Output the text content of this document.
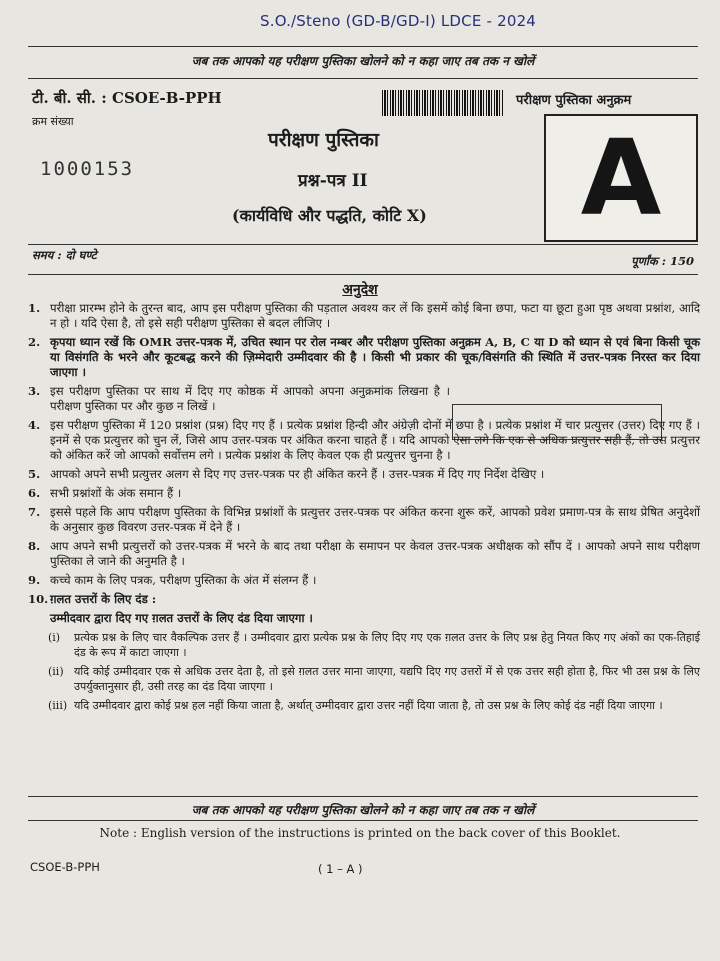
S.O./Steno (GD-B/GD-I) LDCE - 2024
जब तक आपको यह परीक्षण पुस्तिका खोलने को न कहा जाए तब तक न खोलें
टी. बी. सी. : CSOE-B-PPH	परीक्षण पुस्तिका अनुक्रम
क्रम संख्या
1000153
परीक्षण पुस्तिका
प्रश्न-पत्र II
(कार्यविधि और पद्धति, कोटि X) A
समय : दो घण्टे	पूर्णांक : 150
अनुदेश
1. परीक्षा प्रारम्भ होने के तुरन्त बाद, आप इस परीक्षण पुस्तिका की पड़ताल अवश्य कर लें कि इसमें कोई बिना छपा, फटा या छूटा हुआ पृष्ठ अथवा प्रश्नांश, आदि न हो । यदि ऐसा है, तो इसे सही परीक्षण पुस्तिका से बदल लीजिए ।
2. कृपया ध्यान रखें कि OMR उत्तर-पत्रक में, उचित स्थान पर रोल नम्बर और परीक्षण पुस्तिका अनुक्रम A, B, C या D को ध्यान से एवं बिना किसी चूक या विसंगति के भरने और कूटबद्ध करने की ज़िम्मेदारी उम्मीदवार की है । किसी भी प्रकार की चूक/विसंगति की स्थिति में उत्तर-पत्रक निरस्त कर दिया जाएगा ।
3. इस परीक्षण पुस्तिका पर साथ में दिए गए कोष्ठक में आपको अपना अनुक्रमांक लिखना है । परीक्षण पुस्तिका पर और कुछ न लिखें ।
4. इस परीक्षण पुस्तिका में 120 प्रश्नांश (प्रश्न) दिए गए हैं । प्रत्येक प्रश्नांश हिन्दी और अंग्रेज़ी दोनों में छपा है । प्रत्येक प्रश्नांश में चार प्रत्युत्तर (उत्तर) दिए गए हैं । इनमें से एक प्रत्युत्तर को चुन लें, जिसे आप उत्तर-पत्रक पर अंकित करना चाहते हैं । यदि आपको ऐसा लगे कि एक से अधिक प्रत्युत्तर सही हैं, तो उस प्रत्युत्तर को अंकित करें जो आपको सर्वोत्तम लगे । प्रत्येक प्रश्नांश के लिए केवल एक ही प्रत्युत्तर चुनना है ।
5. आपको अपने सभी प्रत्युत्तर अलग से दिए गए उत्तर-पत्रक पर ही अंकित करने हैं । उत्तर-पत्रक में दिए गए निर्देश देखिए ।
6. सभी प्रश्नांशों के अंक समान हैं ।
7. इससे पहले कि आप परीक्षण पुस्तिका के विभिन्न प्रश्नांशों के प्रत्युत्तर उत्तर-पत्रक पर अंकित करना शुरू करें, आपको प्रवेश प्रमाण-पत्र के साथ प्रेषित अनुदेशों के अनुसार कुछ विवरण उत्तर-पत्रक में देने हैं ।
8. आप अपने सभी प्रत्युत्तरों को उत्तर-पत्रक में भरने के बाद तथा परीक्षा के समापन पर केवल उत्तर-पत्रक अधीक्षक को सौंप दें । आपको अपने साथ परीक्षण पुस्तिका ले जाने की अनुमति है ।
9. कच्चे काम के लिए पत्रक, परीक्षण पुस्तिका के अंत में संलग्न हैं ।
10. ग़लत उत्तरों के लिए दंड :
उम्मीदवार द्वारा दिए गए ग़लत उत्तरों के लिए दंड दिया जाएगा ।
(i)	प्रत्येक प्रश्न के लिए चार वैकल्पिक उत्तर हैं । उम्मीदवार द्वारा प्रत्येक प्रश्न के लिए दिए गए एक ग़लत उत्तर के लिए प्रश्न हेतु नियत किए गए अंकों का एक-तिहाई दंड के रूप में काटा जाएगा ।
(ii) यदि कोई उम्मीदवार एक से अधिक उत्तर देता है, तो इसे ग़लत उत्तर माना जाएगा, यद्यपि दिए गए उत्तरों में से एक उत्तर सही होता है, फिर भी उस प्रश्न के लिए उपर्युक्तानुसार ही, उसी तरह का दंड दिया जाएगा ।
(iii) यदि उम्मीदवार द्वारा कोई प्रश्न हल नहीं किया जाता है, अर्थात् उम्मीदवार द्वारा उत्तर नहीं दिया जाता है, तो उस प्रश्न के लिए कोई दंड नहीं दिया जाएगा ।
जब तक आपको यह परीक्षण पुस्तिका खोलने को न कहा जाए तब तक न खोलें
Note : English version of the instructions is printed on the back cover of this Booklet.
CSOE-B-PPH	( 1 – A )
